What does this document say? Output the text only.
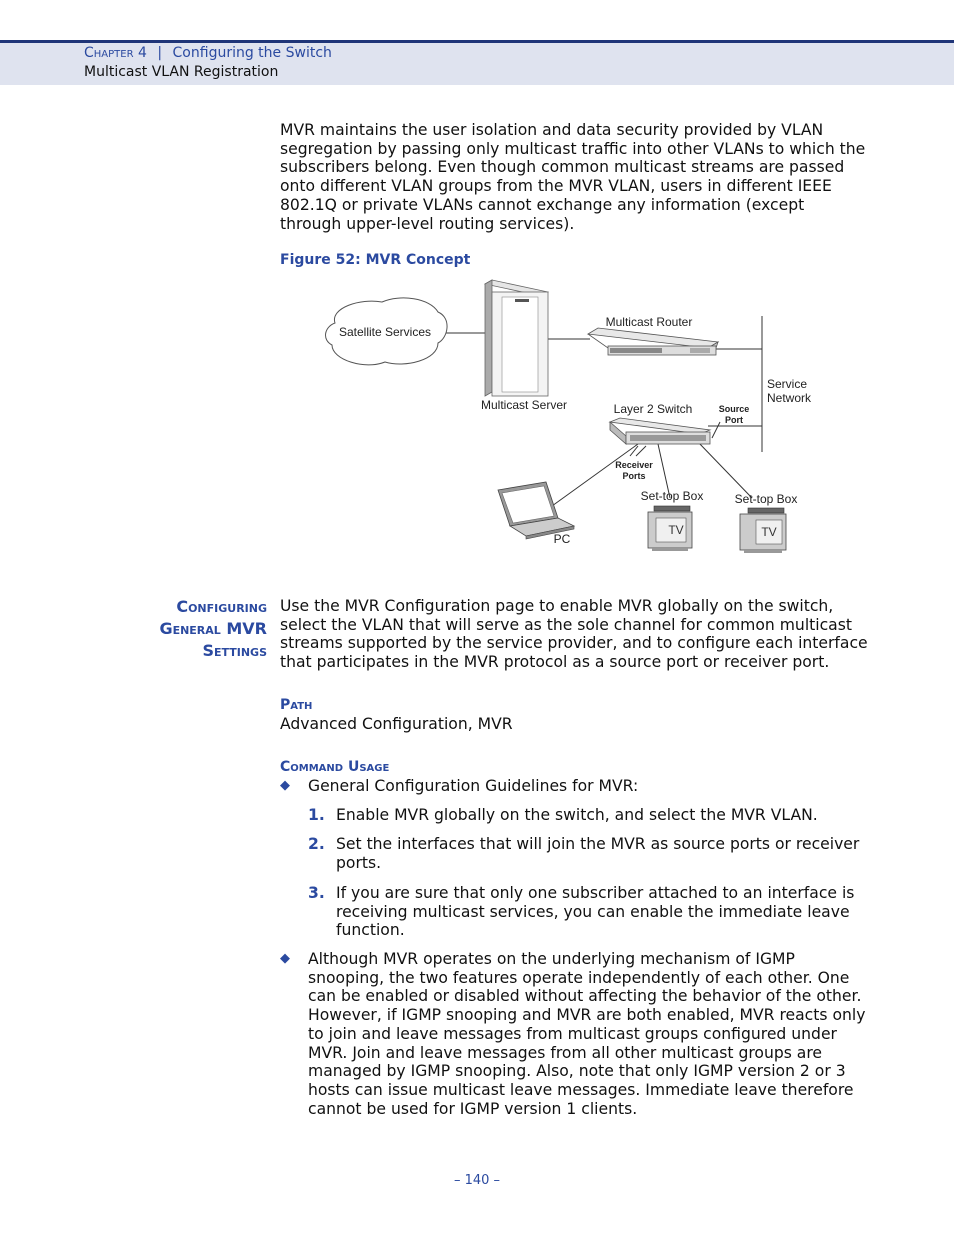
Chapter 4 | Configuring the Switch
Multicast VLAN Registration
MVR maintains the user isolation and data security provided by VLAN segregation by passing only multicast traffic into other VLANs to which the subscribers belong. Even though common multicast streams are passed onto different VLAN groups from the MVR VLAN, users in different IEEE 802.1Q or private VLANs cannot exchange any information (except through upper-level routing services).
Figure 52: MVR Concept
Satellite Services
Multicast Server
Multicast Router
Service
Network
Layer 2 Switch	Source
Port
Receiver
Ports
PC
Set-top Box
TV
Set-top Box
TV
Configuring
General MVR
Settings
Use the MVR Configuration page to enable MVR globally on the switch, select the VLAN that will serve as the sole channel for common multicast streams supported by the service provider, and to configure each interface that participates in the MVR protocol as a source port or receiver port.
Path
Advanced Configuration, MVR
Command Usage
◆ General Configuration Guidelines for MVR:
1. Enable MVR globally on the switch, and select the MVR VLAN.
2. Set the interfaces that will join the MVR as source ports or receiver ports.
3. If you are sure that only one subscriber attached to an interface is receiving multicast services, you can enable the immediate leave function.
◆ Although MVR operates on the underlying mechanism of IGMP snooping, the two features operate independently of each other. One can be enabled or disabled without affecting the behavior of the other. However, if IGMP snooping and MVR are both enabled, MVR reacts only to join and leave messages from multicast groups configured under MVR. Join and leave messages from all other multicast groups are managed by IGMP snooping. Also, note that only IGMP version 2 or 3 hosts can issue multicast leave messages. Immediate leave therefore cannot be used for IGMP version 1 clients.
– 140 –
